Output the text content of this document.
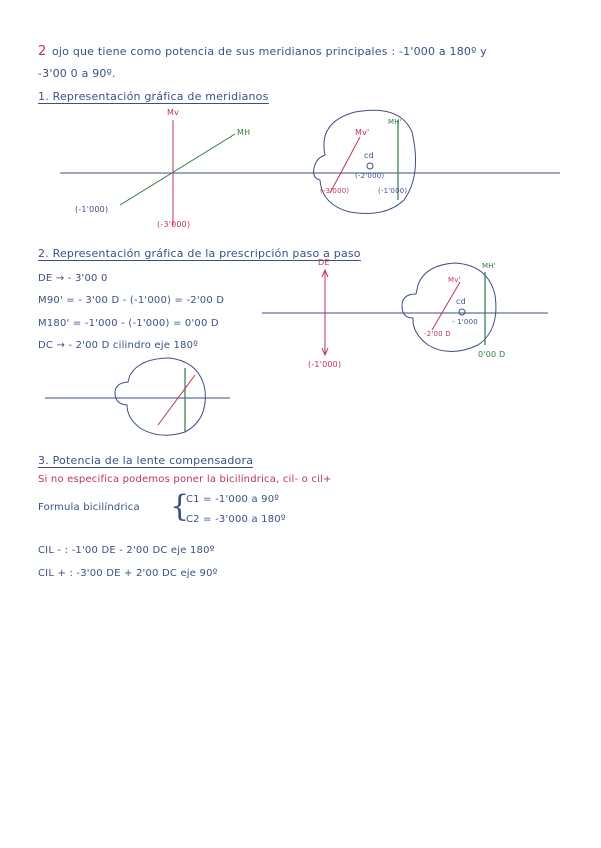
2 ojo que tiene como potencia de sus meridianos principales : -1'000 a 180º y
-3'00 0 a 90º.
1. Representación gráfica de meridianos
Mv
MH
(-1'000)
(-3'000)
Mv'
MH'
cd
(-2'000)
(-3'000)	(-1'000)
2. Representación gráfica de la prescripción paso a paso
DE → - 3'00 0
M90' = - 3'00 D - (-1'000) = -2'00 D
M180' = -1'000 - (-1'000) = 0'00 D
DC → - 2'00 D cilindro eje 180º
DE
(-1'000)
Mv'
MH'
cd
- 1'000
-2'00 D
0'00 D
3. Potencia de la lente compensadora
Si no especifica podemos poner la bicilíndrica, cil- o cil+
Formula bicilíndrica {
C1 = -1'000 a 90º
C2 = -3'000 a 180º
CIL - : -1'00 DE - 2'00 DC eje 180º
CIL + : -3'00 DE + 2'00 DC eje 90º
